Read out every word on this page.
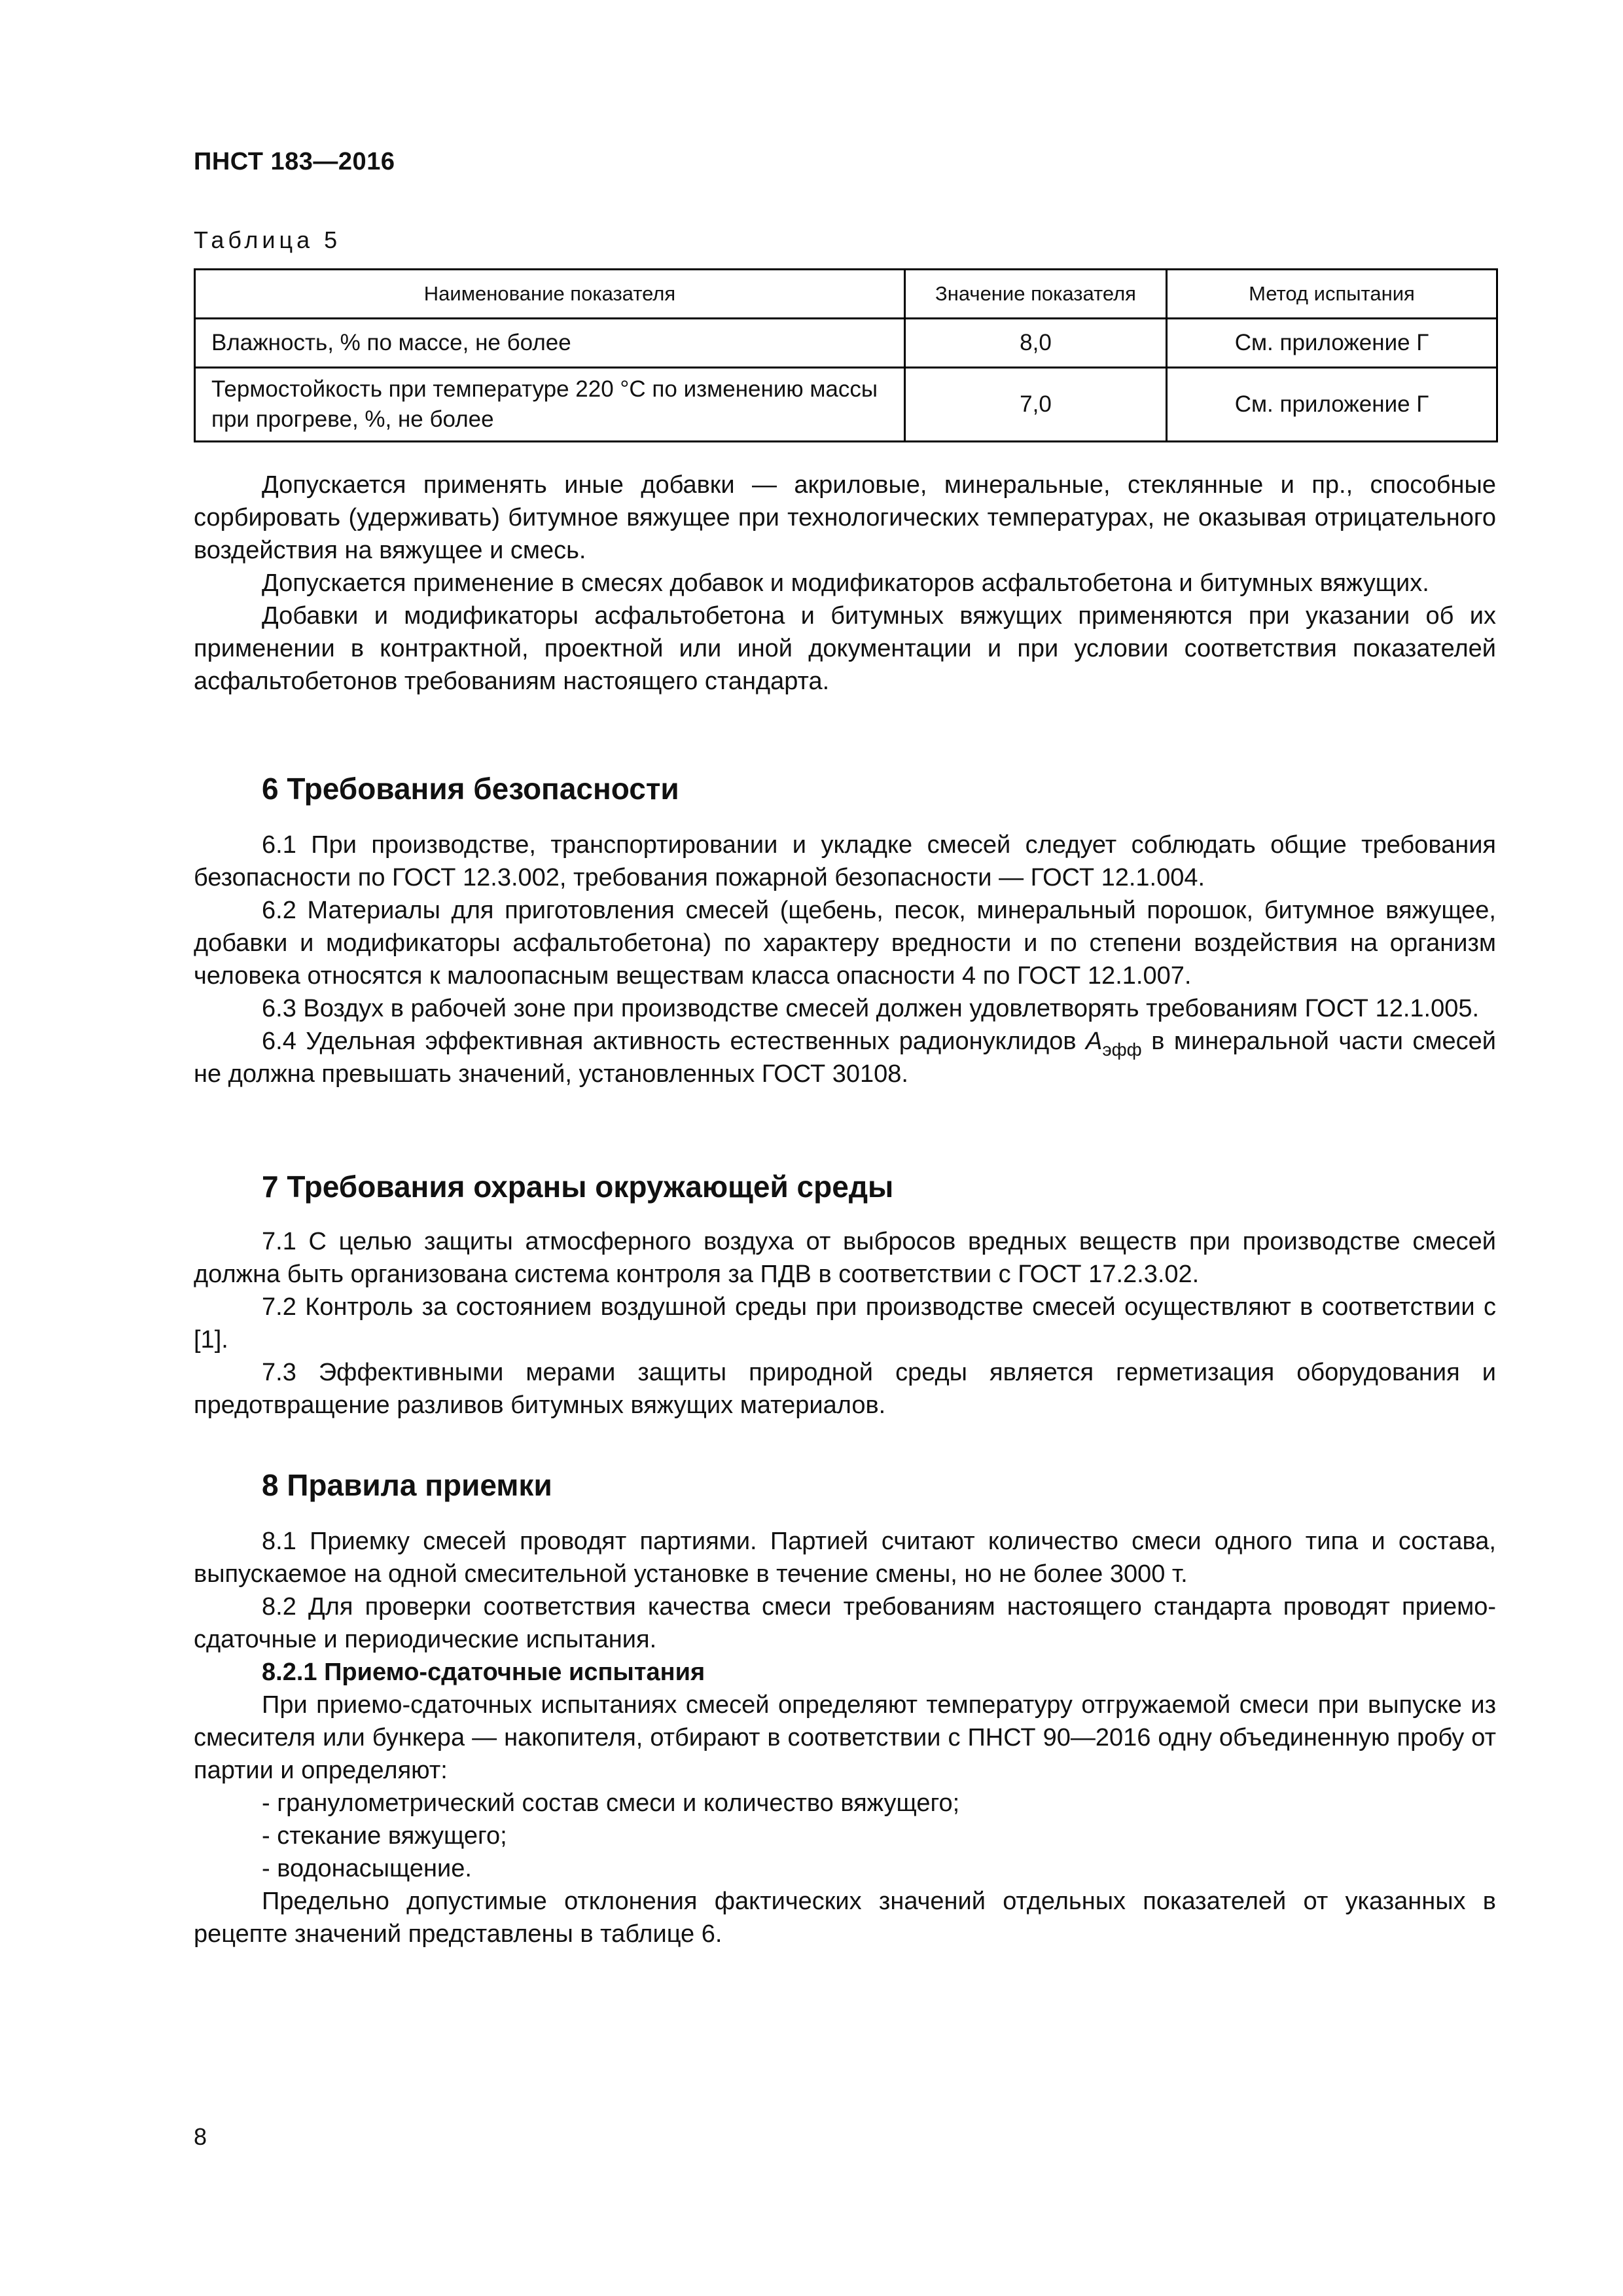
ПНСТ 183—2016
Таблица 5
Наименование показателя	Значение показателя	Метод испытания
Влажность, % по массе, не более	8,0	См. приложение Г
Термостойкость при температуре 220 °С по изменению массы при прогреве, %, не более	7,0	См. приложение Г

Допускается применять иные добавки — акриловые, минеральные, стеклянные и пр., способные сорбировать (удерживать) битумное вяжущее при технологических температурах, не оказывая отрицательного воздействия на вяжущее и смесь.

Допускается применение в смесях добавок и модификаторов асфальтобетона и битумных вяжущих.

Добавки и модификаторы асфальтобетона и битумных вяжущих применяются при указании об их применении в контрактной, проектной или иной документации и при условии соответствия показателей асфальтобетонов требованиям настоящего стандарта.

6 Требования безопасности

6.1 При производстве, транспортировании и укладке смесей следует соблюдать общие требования безопасности по ГОСТ 12.3.002, требования пожарной безопасности — ГОСТ 12.1.004.

6.2 Материалы для приготовления смесей (щебень, песок, минеральный порошок, битумное вяжущее, добавки и модификаторы асфальтобетона) по характеру вредности и по степени воздействия на организм человека относятся к малоопасным веществам класса опасности 4 по ГОСТ 12.1.007.

6.3 Воздух в рабочей зоне при производстве смесей должен удовлетворять требованиям ГОСТ 12.1.005.

6.4 Удельная эффективная активность естественных радионуклидов $A_{эфф}$ в минеральной части смесей не должна превышать значений, установленных ГОСТ 30108.

7 Требования охраны окружающей среды

7.1 С целью защиты атмосферного воздуха от выбросов вредных веществ при производстве смесей должна быть организована система контроля за ПДВ в соответствии с ГОСТ 17.2.3.02.

7.2 Контроль за состоянием воздушной среды при производстве смесей осуществляют в соответствии с [1].

7.3 Эффективными мерами защиты природной среды является герметизация оборудования и предотвращение разливов битумных вяжущих материалов.

8 Правила приемки

8.1 Приемку смесей проводят партиями. Партией считают количество смеси одного типа и состава, выпускаемое на одной смесительной установке в течение смены, но не более 3000 т.

8.2 Для проверки соответствия качества смеси требованиям настоящего стандарта проводят приемо-сдаточные и периодические испытания.

8.2.1 Приемо-сдаточные испытания

При приемо-сдаточных испытаниях смесей определяют температуру отгружаемой смеси при выпуске из смесителя или бункера — накопителя, отбирают в соответствии с ПНСТ 90—2016 одну объединенную пробу от партии и определяют:

- гранулометрический состав смеси и количество вяжущего;

- стекание вяжущего;

- водонасыщение.

Предельно допустимые отклонения фактических значений отдельных показателей от указанных в рецепте значений представлены в таблице 6.

8
